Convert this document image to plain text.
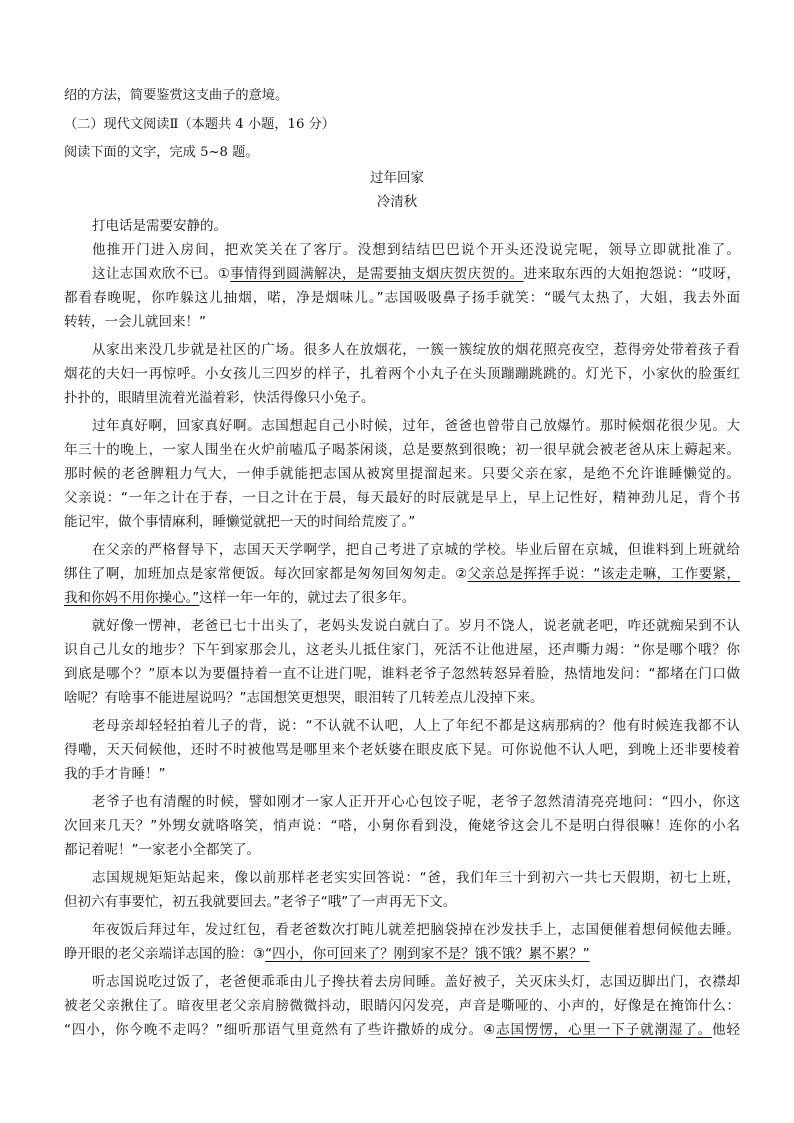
绍的方法，简要鉴赏这支曲子的意境。
（二）现代文阅读Ⅱ（本题共 4 小题，16 分）
阅读下面的文字，完成 5~8 题。
过年回家
冷清秋
打电话是需要安静的。
他推开门进入房间，把欢笑关在了客厅。没想到结结巴巴说个开头还没说完呢，领导立即就批准了。
这让志国欢欣不已。①事情得到圆满解决，是需要抽支烟庆贺庆贺的。进来取东西的大姐抱怨说：“哎呀，
都看春晚呢，你咋躲这儿抽烟，喏，净是烟味儿。”志国吸吸鼻子扬手就笑：“暖气太热了，大姐，我去外面
转转，一会儿就回来！”
从家出来没几步就是社区的广场。很多人在放烟花，一簇一簇绽放的烟花照亮夜空，惹得旁处带着孩子看
烟花的夫妇一再惊呼。小女孩儿三四岁的样子，扎着两个小丸子在头顶蹦蹦跳跳的。灯光下，小家伙的脸蛋红
扑扑的，眼睛里流着光溢着彩，快活得像只小兔子。
过年真好啊，回家真好啊。志国想起自己小时候，过年，爸爸也曾带自己放爆竹。那时候烟花很少见。大
年三十的晚上，一家人围坐在火炉前嗑瓜子喝茶闲谈，总是要熬到很晚；初一很早就会被老爸从床上薅起来。
那时候的老爸脾粗力气大，一伸手就能把志国从被窝里提溜起来。只要父亲在家，是绝不允许谁睡懒觉的。
父亲说：“一年之计在于春，一日之计在于晨，每天最好的时辰就是早上，早上记性好，精神劲儿足，背个书
能记牢，做个事情麻利，睡懒觉就把一天的时间给荒废了。”
在父亲的严格督导下，志国天天学啊学，把自己考进了京城的学校。毕业后留在京城，但谁料到上班就给
绑住了啊，加班加点是家常便饭。每次回家都是匆匆回匆匆走。②父亲总是挥挥手说：“该走走嘛，工作要紧，
我和你妈不用你操心。”这样一年一年的，就过去了很多年。
就好像一愣神，老爸已七十出头了，老妈头发说白就白了。岁月不饶人，说老就老吧，咋还就痴呆到不认
识自己儿女的地步？下午到家那会儿，这老头儿抵住家门，死活不让他进屋，还声嘶力竭：“你是哪个哦？你
到底是哪个？”原本以为要僵持着一直不让进门呢，谁料老爷子忽然转怒异着脸，热情地发问：“都堵在门口做
啥呢？有啥事不能进屋说吗？”志国想笑更想哭，眼泪转了几转差点儿没掉下来。
老母亲却轻轻拍着儿子的背，说：“不认就不认吧，人上了年纪不都是这病那病的？他有时候连我都不认
得嘞，天天伺候他，还时不时被他骂是哪里来个老妖婆在眼皮底下晃。可你说他不认人吧，到晚上还非要棱着
我的手才肯睡！”
老爷子也有清醒的时候，譬如刚才一家人正开开心心包饺子呢，老爷子忽然清清亮亮地问：“四小，你这
次回来几天？”外甥女就咯咯笑，悄声说：“嗒，小舅你看到没，俺姥爷这会儿不是明白得很嘛！连你的小名
都记着呢！”一家老小全都笑了。
志国规规矩矩站起来，像以前那样老老实实回答说：“爸，我们年三十到初六一共七天假期，初七上班，
但初六有事要忙，初五我就要回去。”老爷子“哦”了一声再无下文。
年夜饭后拜过年，发过红包，看老爸数次打盹儿就差把脑袋掉在沙发扶手上，志国便催着想伺候他去睡。
睁开眼的老父亲端详志国的脸：③“四小，你可回来了？刚到家不是？饿不饿？累不累？”
听志国说吃过饭了，老爸便乖乖由儿子搀扶着去房间睡。盖好被子，关灭床头灯，志国迈脚出门，衣襟却
被老父亲揪住了。暗夜里老父亲肩膀微微抖动，眼睛闪闪发亮，声音是嘶哑的、小声的，好像是在掩饰什么：
“四小，你今晚不走吗？”细听那语气里竟然有了些许撒娇的成分。④志国愣愣，心里一下子就潮湿了。他轻
